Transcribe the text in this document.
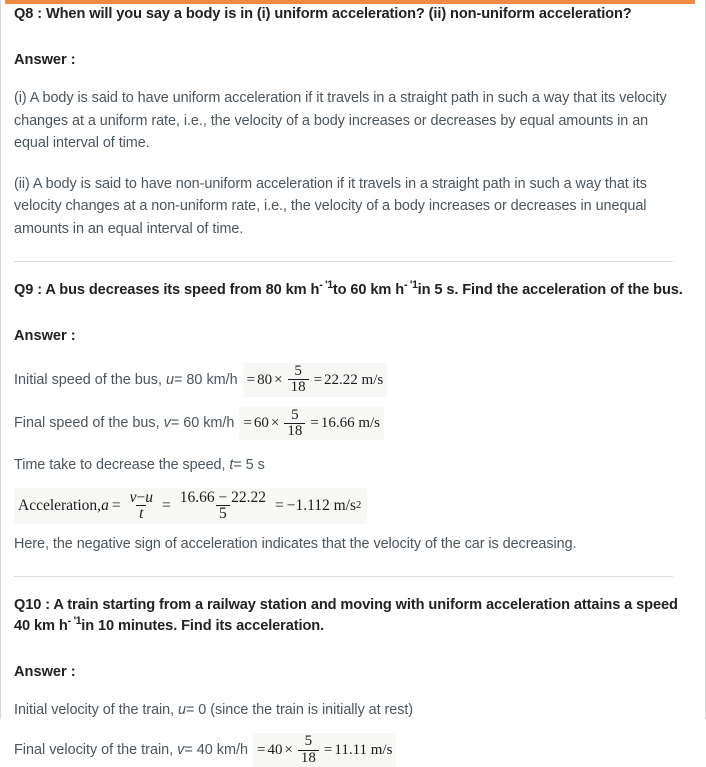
Q8 : When will you say a body is in (i) uniform acceleration? (ii) non-uniform acceleration?

Answer :

(i) A body is said to have uniform acceleration if it travels in a straight path in such a way that its velocity changes at a uniform rate, i.e., the velocity of a body increases or decreases by equal amounts in an equal interval of time.

(ii) A body is said to have non-uniform acceleration if it travels in a straight path in such a way that its velocity changes at a non-uniform rate, i.e., the velocity of a body increases or decreases in unequal amounts in an equal interval of time.

Q9 : A bus decreases its speed from 80 km $h^{- '1}to$ 60 km $h^{- '1}in$ 5 s. Find the acceleration of the bus.

Answer :

Initial speed of the bus, u= 80 $km/h = 80 \times \frac{5}{18} = 22.22$
m/s
Final speed of the bus, v= 60 $km/h = 60 \times \frac{5}{18} = 16.66$
m/s

Time take to decrease the speed, t= 5 s

Acceleration, $a = \frac{v-u}{t} = \frac{16.66 - 22.22}{5} = -1.112$
m/s 2

Here, the negative sign of acceleration indicates that the velocity of the car is decreasing.

Q10 : A train starting from a railway station and moving with uniform acceleration attains a speed 40 km $h^{- '1}in$ 10 minutes. Find its acceleration.

Answer :

Initial velocity of the train, u= 0 (since the train is initially at rest)

Final velocity of the train, v= 40 $km/h = 40 \times \frac{5}{18} = 11.11$
m/s
